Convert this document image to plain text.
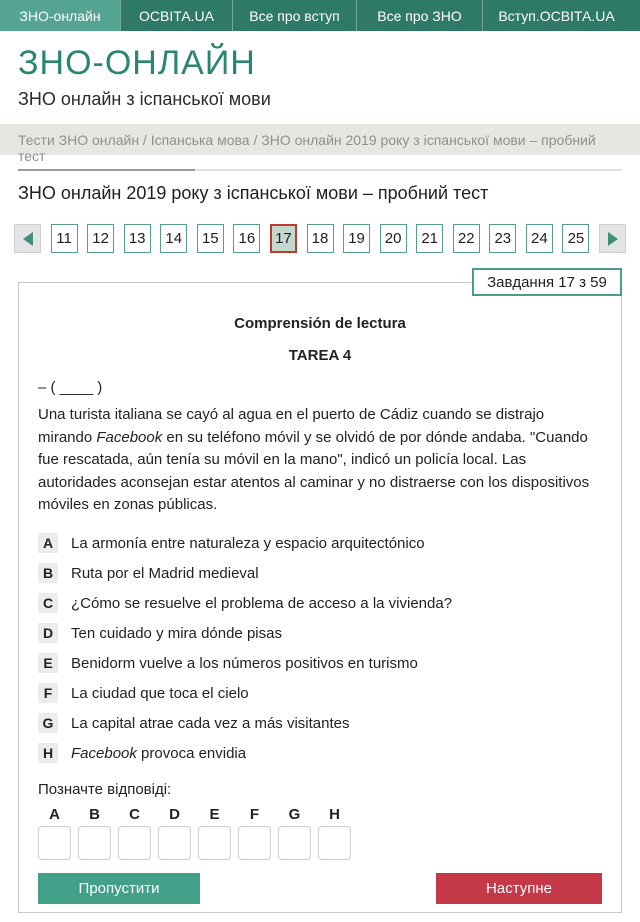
ЗНО-онлайн	ОСВІТА.UA	Все про вступ	Все про ЗНО	Вступ.ОСВІТА.UA
ЗНО-ОНЛАЙН
ЗНО онлайн з іспанської мови
Тести ЗНО онлайн / Іспанська мова / ЗНО онлайн 2019 року з іспанської мови – пробний тест
ЗНО онлайн 2019 року з іспанської мови – пробний тест
11	12	13	14	15	16	17	18	19	20	21	22	23	24	25
Завдання 17 з 59
Comprensión de lectura
TAREA 4
– ( ____ )
Una turista italiana se cayó al agua en el puerto de Cádiz cuando se distrajo mirando Facebook en su teléfono móvil y se olvidó de por dónde andaba. "Cuando fue rescatada, aún tenía su móvil en la mano", indicó un policía local. Las autoridades aconsejan estar atentos al caminar y no distraerse con los dispositivos móviles en zonas públicas.
A	La armonía entre naturaleza y espacio arquitectónico
B	Ruta por el Madrid medieval
C	¿Cómo se resuelve el problema de acceso a la vivienda?
D	Ten cuidado y mira dónde pisas
E	Benidorm vuelve a los números positivos en turismo
F	La ciudad que toca el cielo
G	La capital atrae cada vez a más visitantes
H	Facebook provoca envidia
Позначте відповіді:
A B C D E F G H
Пропустити	Наступне
